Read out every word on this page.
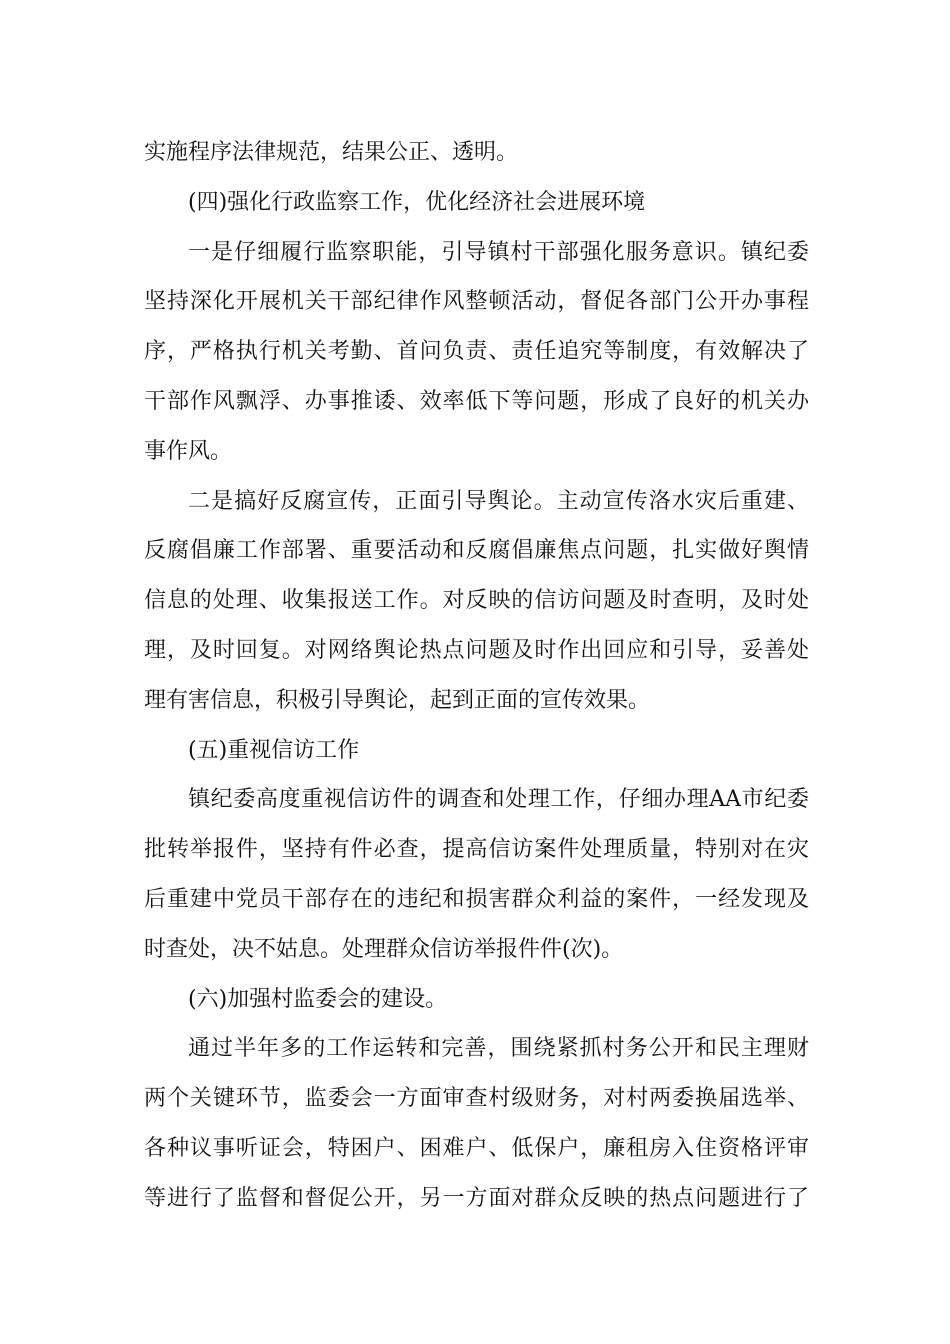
实施程序法律规范，结果公正、透明。
(四)强化行政监察工作，优化经济社会进展环境
一是仔细履行监察职能，引导镇村干部强化服务意识。镇纪委
坚持深化开展机关干部纪律作风整顿活动，督促各部门公开办事程
序，严格执行机关考勤、首问负责、责任追究等制度，有效解决了
干部作风飘浮、办事推诿、效率低下等问题，形成了良好的机关办
事作风。
二是搞好反腐宣传，正面引导舆论。主动宣传洛水灾后重建、
反腐倡廉工作部署、重要活动和反腐倡廉焦点问题，扎实做好舆情
信息的处理、收集报送工作。对反映的信访问题及时查明，及时处
理，及时回复。对网络舆论热点问题及时作出回应和引导，妥善处
理有害信息，积极引导舆论，起到正面的宣传效果。
(五)重视信访工作
镇纪委高度重视信访件的调查和处理工作，仔细办理AA市纪委
批转举报件，坚持有件必查，提高信访案件处理质量，特别对在灾
后重建中党员干部存在的违纪和损害群众利益的案件，一经发现及
时查处，决不姑息。处理群众信访举报件件(次)。
(六)加强村监委会的建设。
通过半年多的工作运转和完善，围绕紧抓村务公开和民主理财
两个关键环节，监委会一方面审查村级财务，对村两委换届选举、
各种议事听证会，特困户、困难户、低保户，廉租房入住资格评审
等进行了监督和督促公开，另一方面对群众反映的热点问题进行了
